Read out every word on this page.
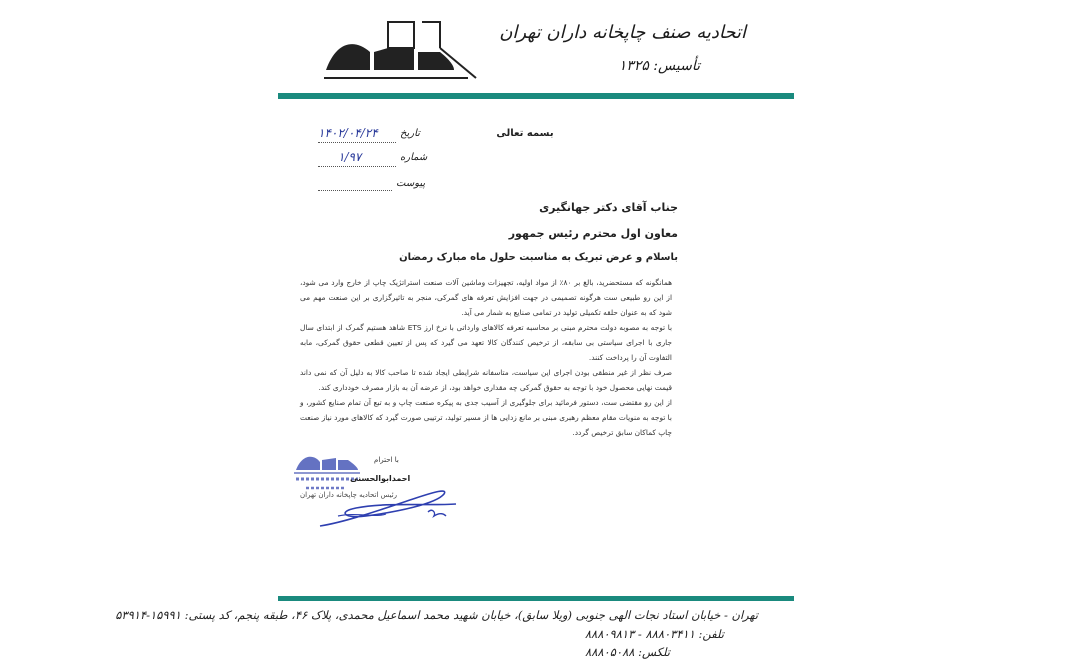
اتحادیه صنف چاپخانه داران تهران
تأسیس: ۱۳۲۵
بسمه تعالی
تاریخ
۱۴۰۲/۰۴/۲۴
شماره
۱/۹۷
پیوست
جناب آقای دکتر جهانگیری
معاون اول محترم رئیس جمهور
باسلام و عرض تبریک به مناسبت حلول ماه مبارک رمضان

همانگونه که مستحضرید، بالغ بر ۸۰٪ از مواد اولیه، تجهیزات وماشین آلات صنعت استراتژیک چاپ از خارج وارد می شود، از این رو طبیعی ست هرگونه تصمیمی در جهت افزایش تعرفه های گمرکی، منجر به تاثیرگزاری بر این صنعت مهم می شود که به عنوان حلقه تکمیلی تولید در تمامی صنایع به شمار می آید.

با توجه به مصوبه دولت محترم مبنی بر محاسبه تعرفه کالاهای وارداتی با نرخ ارز ETS شاهد هستیم گمرک از ابتدای سال جاری با اجرای سیاستی بی سابقه، از ترخیص کنندگان کالا تعهد می گیرد که پس از تعیین قطعی حقوق گمرکی، مابه التفاوت آن را پرداخت کنند.

صرف نظر از غیر منطقی بودن اجرای این سیاست، متاسفانه شرایطی ایجاد شده تا صاحب کالا به دلیل آن که نمی داند قیمت نهایی محصول خود با توجه به حقوق گمرکی چه مقداری خواهد بود، از عرضه آن به بازار مصرف خودداری کند.

از این رو مقتضی ست، دستور فرمائید برای جلوگیری از آسیب جدی به پیکره صنعت چاپ و به تبع آن تمام صنایع کشور، و با توجه به منویات مقام معظم رهبری مبنی بر مانع زدایی ها از مسیر تولید، ترتیبی صورت گیرد که کالاهای مورد نیاز صنعت چاپ کماکان سابق ترخیص گردد.

با احترام
احمدابوالحسنی
رئیس اتحادیه چاپخانه داران تهران
تهران - خیابان استاد نجات الهی جنوبی (ویلا سابق)، خیابان شهید محمد اسماعیل محمدی، پلاک ۴۶، طبقه پنجم، کد پستی: ۱۵۹۹۱-۵۳۹۱۴
تلفن: ۸۸۸۰۳۴۱۱ - ۸۸۸۰۹۸۱۳
تلکس: ۸۸۸۰۵۰۸۸
